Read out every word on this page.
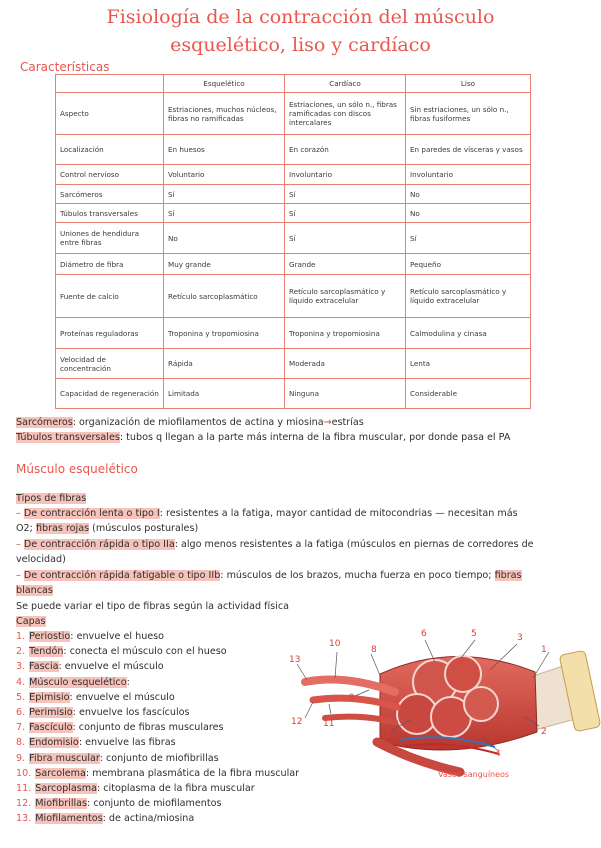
Fisiología de la contracción del músculo
esquelético, liso y cardíaco
Características
	Esquelético	Cardíaco	Liso
Aspecto	Estriaciones, muchos núcleos, fibras no ramificadas	Estriaciones, un sólo n., fibras ramificadas con discos intercalares	Sin estriaciones, un sólo n., fibras fusiformes
Localización	En huesos	En corazón	En paredes de vísceras y vasos
Control nervioso	Voluntario	Involuntario	Involuntario
Sarcómeros	Sí	Sí	No
Túbulos transversales	Sí	Sí	No
Uniones de hendidura entre fibras	No	Sí	Sí
Diámetro de fibra	Muy grande	Grande	Pequeño
Fuente de calcio	Retículo sarcoplasmático	Retículo sarcoplasmático y líquido extracelular	Retículo sarcoplasmático y líquido extracelular
Proteínas reguladoras	Troponina y tropomiosina	Troponina y tropomiosina	Calmodulina y cinasa
Velocidad de concentración	Rápida	Moderada	Lenta
Capacidad de regeneración	Limitada	Ninguna	Considerable
Sarcómeros: organización de miofilamentos de actina y miosina→estrías
Túbulos transversales: tubos q llegan a la parte más interna de la fibra muscular, por donde pasa el PA
Músculo esquelético
Tipos de fibras
– De contracción lenta o tipo I: resistentes a la fatiga, mayor cantidad de mitocondrias — necesitan más
O2; fibras rojas (músculos posturales)
– De contracción rápida o tipo IIa: algo menos resistentes a la fatiga (músculos en piernas de corredores de
velocidad)
– De contracción rápida fatigable o tipo IIb: músculos de los brazos, mucha fuerza en poco tiempo; fibras
blancas
Se puede variar el tipo de fibras según la actividad física
Capas
1. Periostio: envuelve el hueso
2. Tendón: conecta el músculo con el hueso
3. Fascia: envuelve el músculo
4. Músculo esquelético:
5. Epimisio: envuelve el músculo
6. Perimisio: envuelve los fascículos
7. Fascículo: conjunto de fibras musculares
8. Endomisio: envuelve las fibras
9. Fibra muscular: conjunto de miofibrillas
10. Sarcolema: membrana plasmática de la fibra muscular
11. Sarcoplasma: citoplasma de la fibra muscular
12. Miofibrillas: conjunto de miofilamentos
13. Miofilamentos: de actina/miosina
1
2
3
4
5
6
7
8
9
10
11
12
13
Vasos sanguíneos
